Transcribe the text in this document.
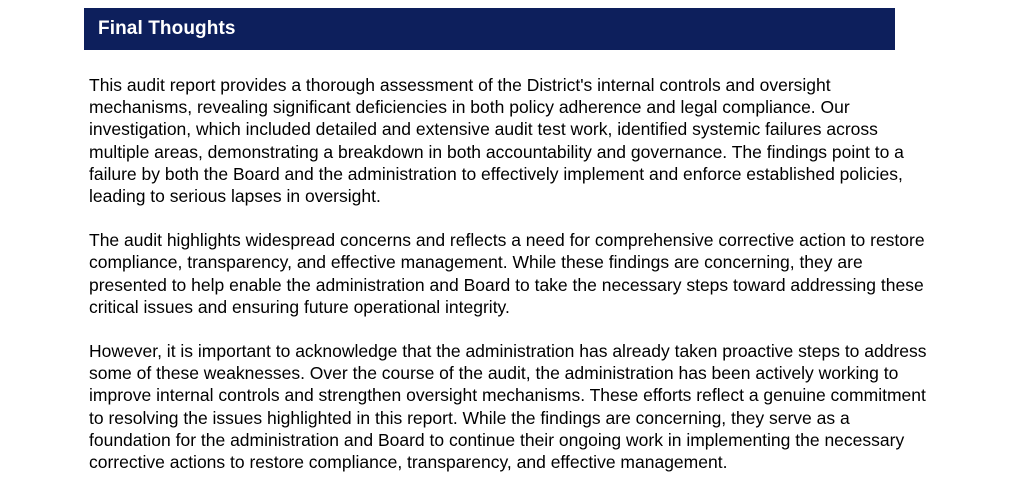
Final Thoughts

This audit report provides a thorough assessment of the District's internal controls and oversight mechanisms, revealing significant deficiencies in both policy adherence and legal compliance. Our investigation, which included detailed and extensive audit test work, identified systemic failures across multiple areas, demonstrating a breakdown in both accountability and governance. The findings point to a failure by both the Board and the administration to effectively implement and enforce established policies, leading to serious lapses in oversight.

The audit highlights widespread concerns and reflects a need for comprehensive corrective action to restore compliance, transparency, and effective management. While these findings are concerning, they are presented to help enable the administration and Board to take the necessary steps toward addressing these critical issues and ensuring future operational integrity.

However, it is important to acknowledge that the administration has already taken proactive steps to address some of these weaknesses. Over the course of the audit, the administration has been actively working to improve internal controls and strengthen oversight mechanisms. These efforts reflect a genuine commitment to resolving the issues highlighted in this report. While the findings are concerning, they serve as a foundation for the administration and Board to continue their ongoing work in implementing the necessary corrective actions to restore compliance, transparency, and effective management.
